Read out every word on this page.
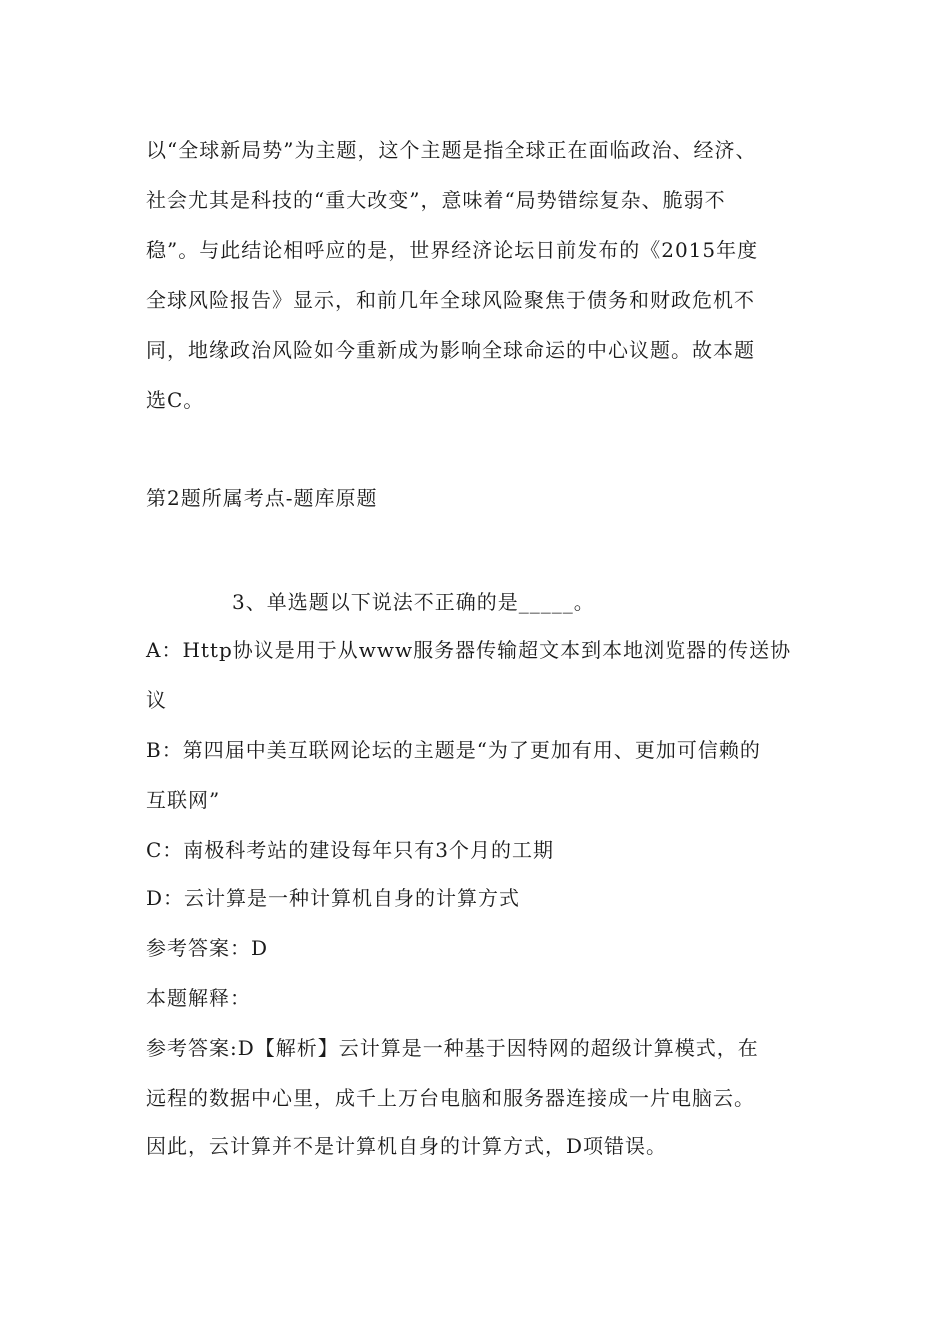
以“全球新局势”为主题，这个主题是指全球正在面临政治、经济、
社会尤其是科技的“重大改变”，意味着“局势错综复杂、脆弱不
稳”。与此结论相呼应的是，世界经济论坛日前发布的《2015年度
全球风险报告》显示，和前几年全球风险聚焦于债务和财政危机不
同，地缘政治风险如今重新成为影响全球命运的中心议题。故本题
选C。
第2题所属考点-题库原题
3、单选题以下说法不正确的是_____。
A：Http协议是用于从www服务器传输超文本到本地浏览器的传送协
议
B：第四届中美互联网论坛的主题是“为了更加有用、更加可信赖的
互联网”
C：南极科考站的建设每年只有3个月的工期
D：云计算是一种计算机自身的计算方式
参考答案：D
本题解释：
参考答案:D【解析】云计算是一种基于因特网的超级计算模式，在
远程的数据中心里，成千上万台电脑和服务器连接成一片电脑云。
因此，云计算并不是计算机自身的计算方式，D项错误。
